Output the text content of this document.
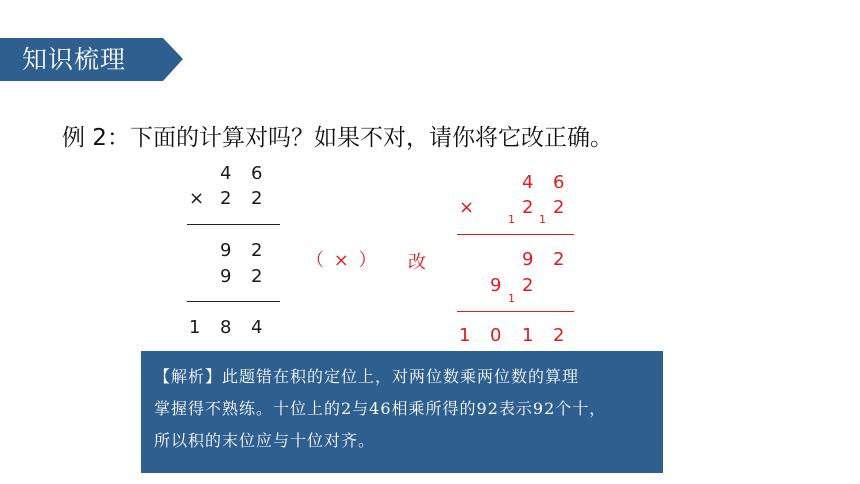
知识梳理
例 2：下面的计算对吗？如果不对，请你将它改正确。
4 6
× 2 2
9 2
9 2
1 8 4
（ × ） 改
4 6
×
1
2
1
2
9 2
9
1
2
1 0 1 2
【解析】此题错在积的定位上，对两位数乘两位数的算理
掌握得不熟练。十位上的2与46相乘所得的92表示92个十，
所以积的末位应与十位对齐。
